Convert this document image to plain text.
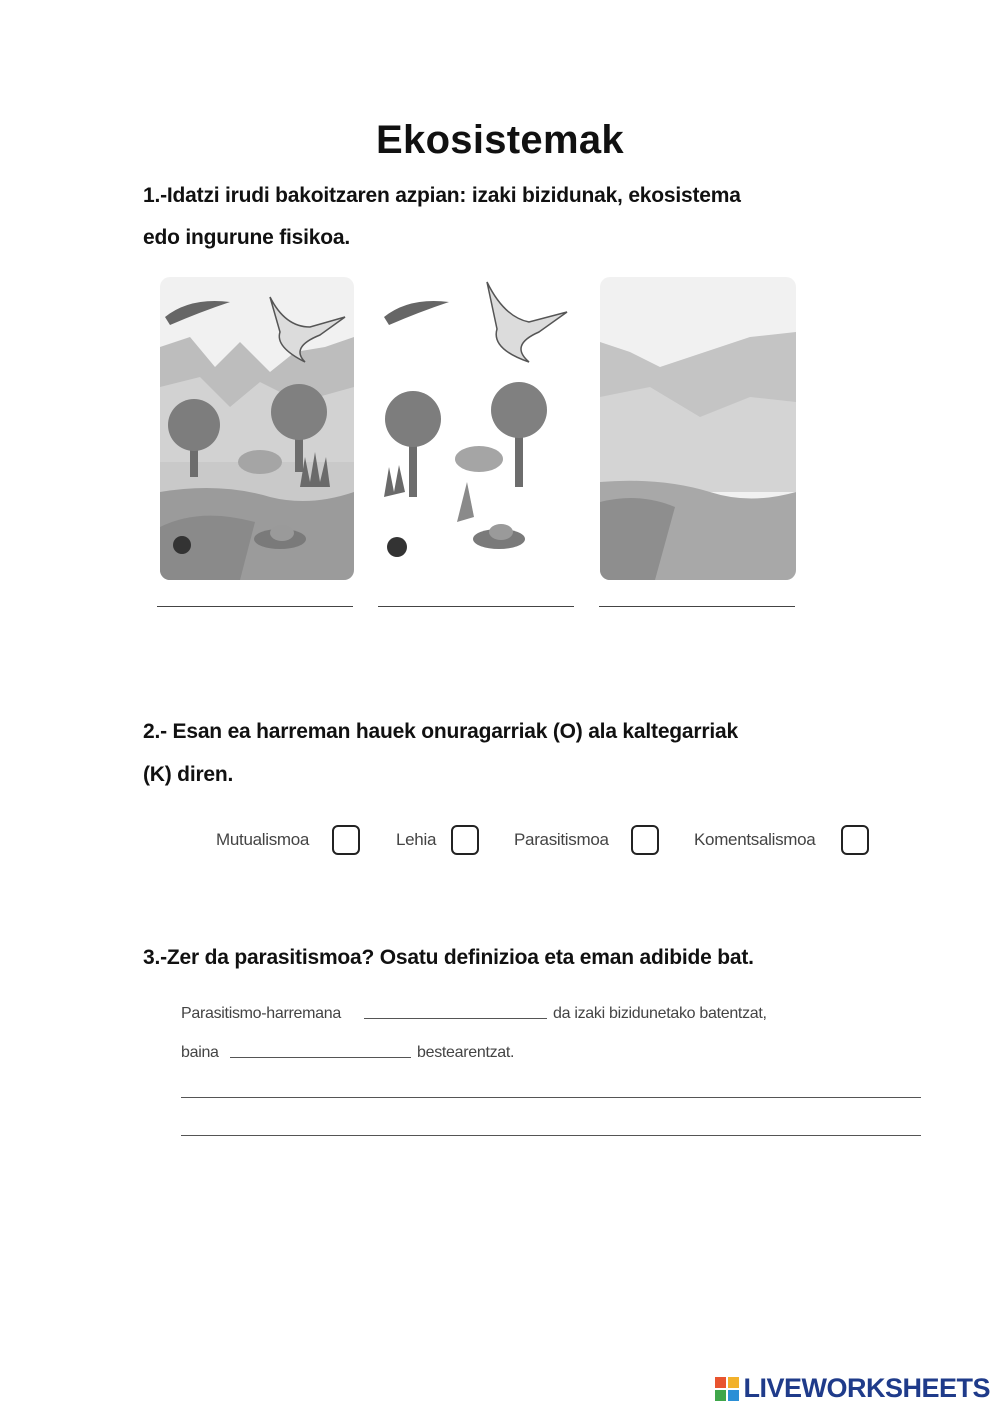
Ekosistemak
1.-Idatzi irudi bakoitzaren azpian: izaki bizidunak, ekosistema
edo ingurune fisikoa.
2.- Esan ea harreman hauek onuragarriak (O) ala kaltegarriak
(K) diren.
Mutualismoa	Lehia	Parasitismoa	Komentsalismoa
3.-Zer da parasitismoa? Osatu definizioa eta eman adibide bat.
Parasitismo-harremana	da izaki bizidunetako batentzat,
baina	bestearentzat.
LIVEWORKSHEETS
